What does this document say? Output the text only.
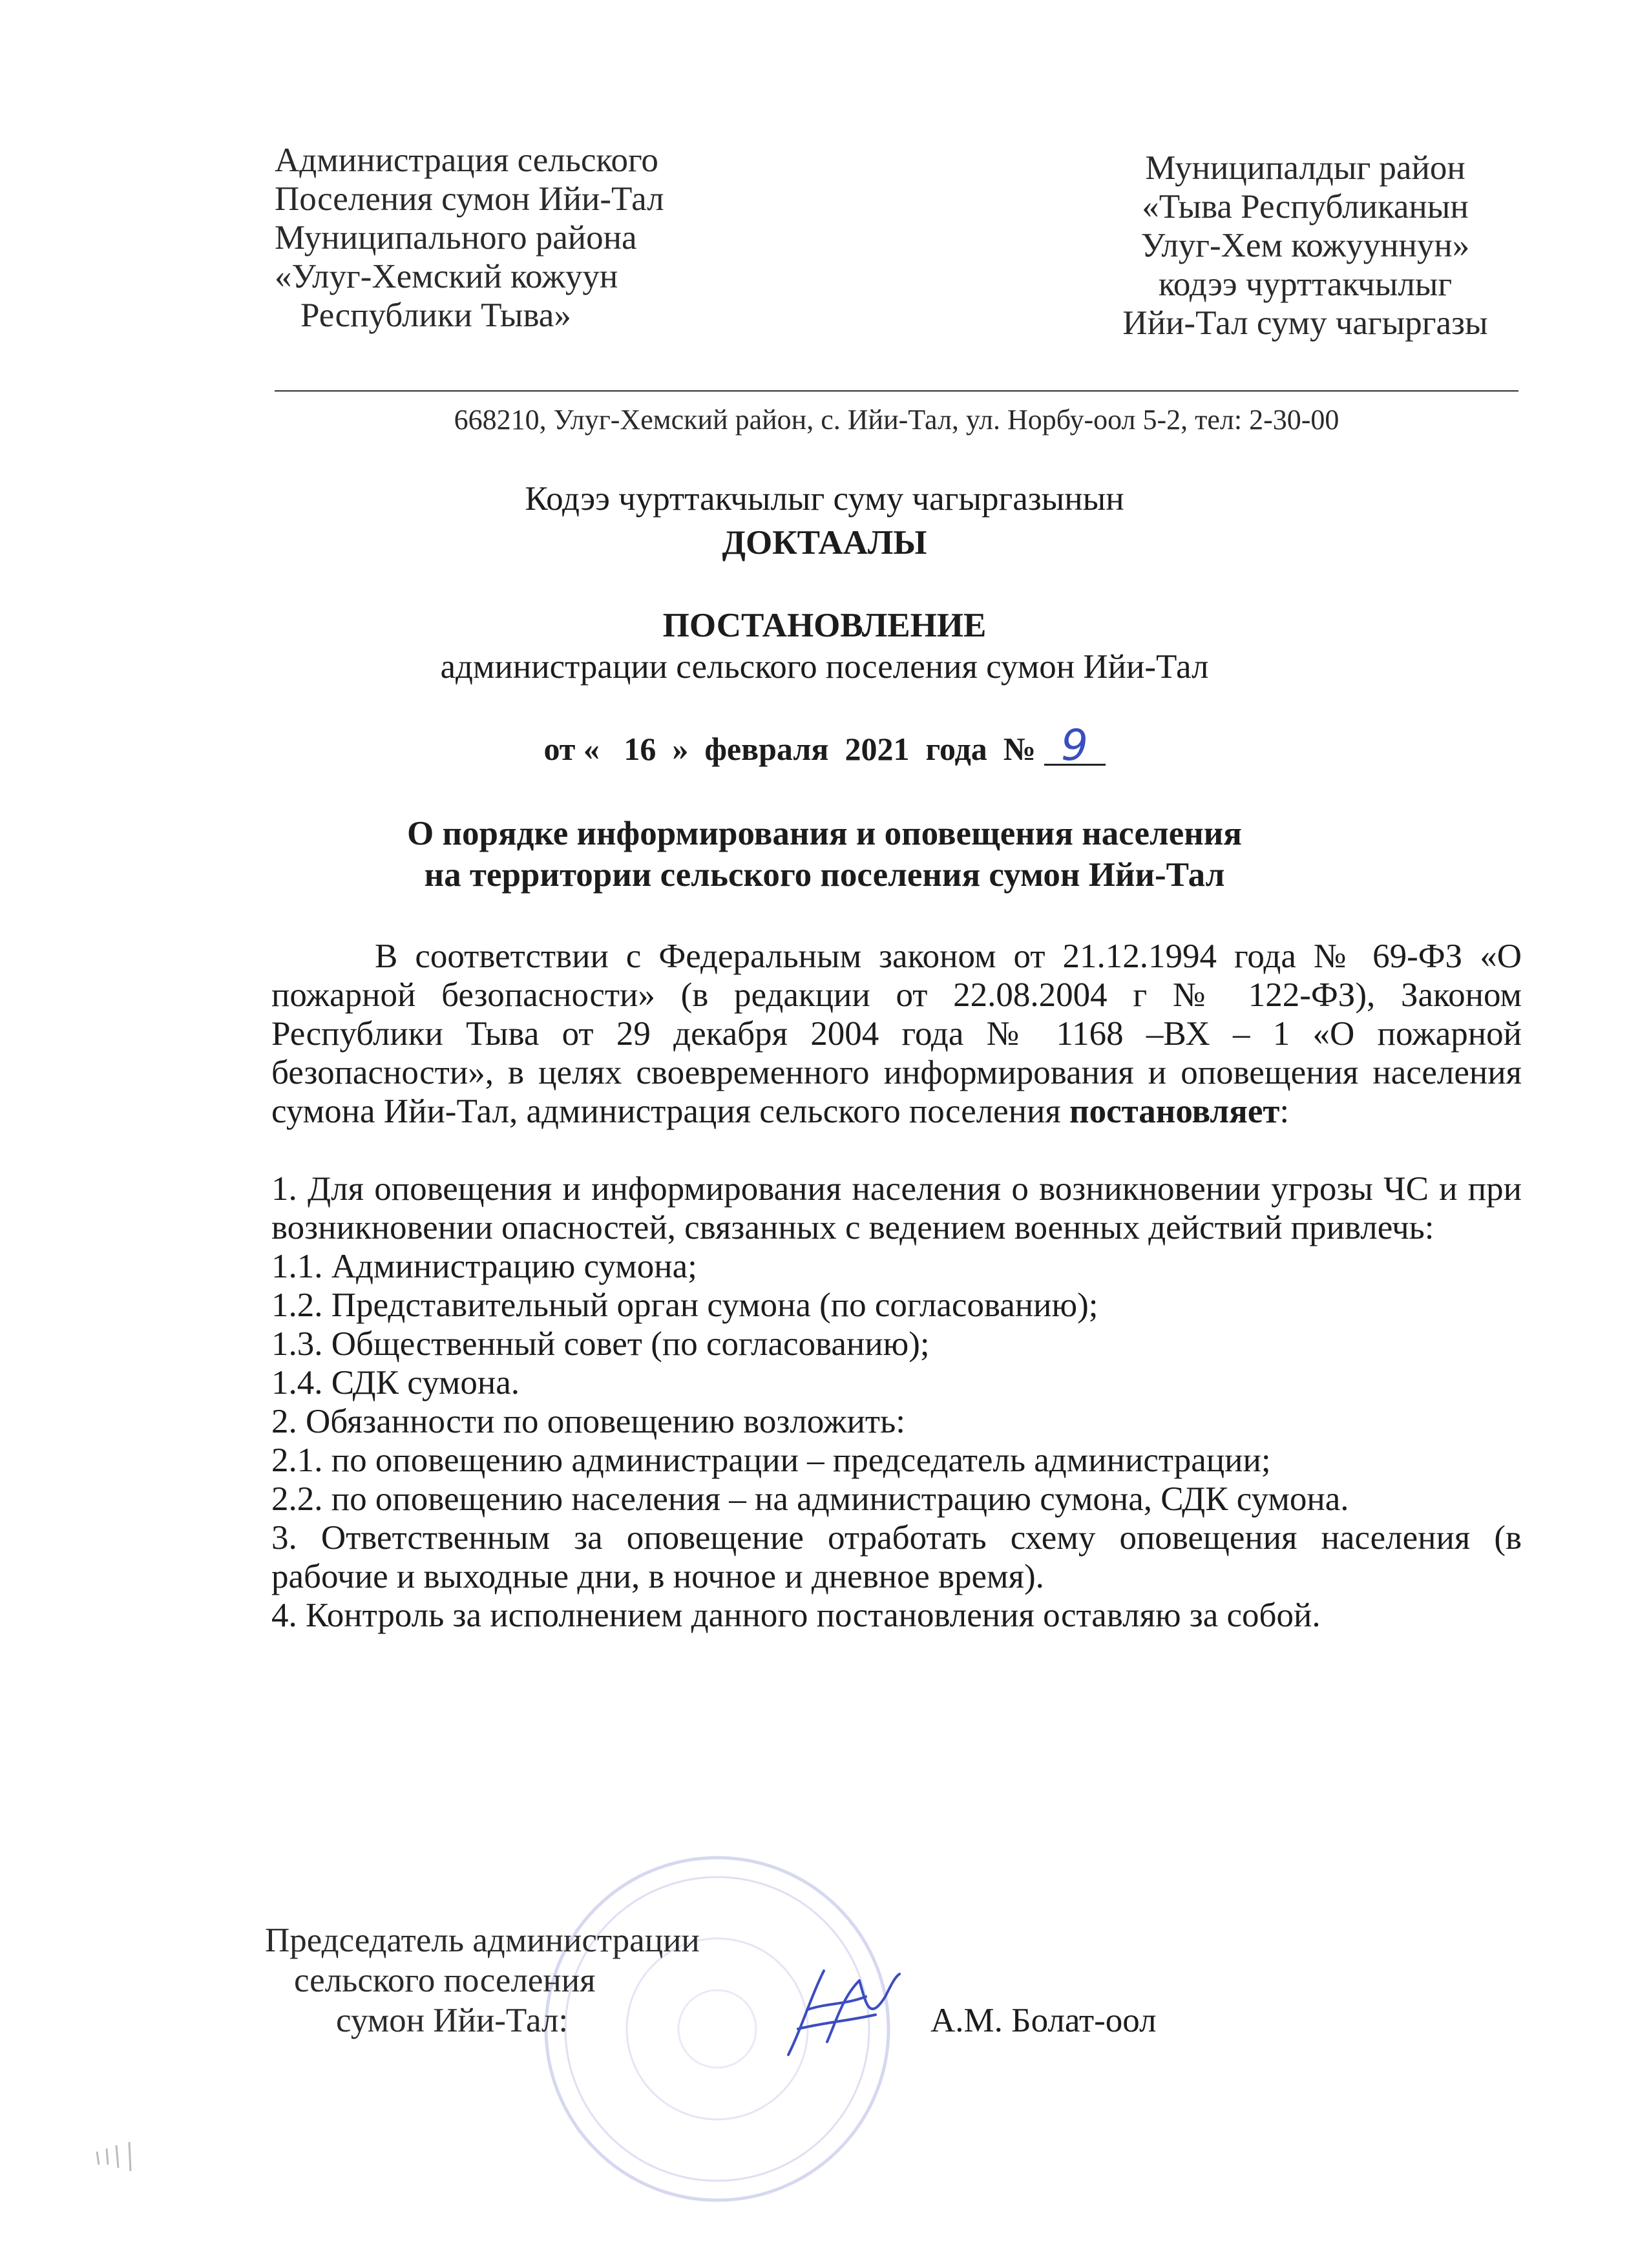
Администрация сельского
Поселения сумон Ийи-Тал
Муниципального района
«Улуг-Хемский кожуун
Республики Тыва»
Муниципалдыг район
«Тыва Республиканын
Улуг-Хем кожууннун»
кодээ чурттакчылыг
Ийи-Тал суму чагыргазы
668210, Улуг-Хемский район, с. Ийи-Тал, ул. Норбу-оол 5-2, тел: 2-30-00
Кодээ чурттакчылыг суму чагыргазынын
ДОКТААЛЫ
ПОСТАНОВЛЕНИЕ
администрации сельского поселения сумон Ийи-Тал
от «   16  »  февраля  2021  года  № 9
О порядке информирования и оповещения населения
на территории сельского поселения сумон Ийи-Тал
В соответствии с Федеральным законом от 21.12.1994 года № 69-ФЗ «О пожарной безопасности» (в редакции от 22.08.2004 г № 122-ФЗ), Законом Республики Тыва от 29 декабря 2004 года № 1168 –ВХ – 1 «О пожарной безопасности», в целях своевременного информирования и оповещения населения сумона Ийи-Тал, администрация сельского поселения постановляет:
1. Для оповещения и информирования населения о возникновении угрозы ЧС и при возникновении опасностей, связанных с ведением военных действий привлечь:
1.1. Администрацию сумона;
1.2. Представительный орган сумона (по согласованию);
1.3. Общественный совет (по согласованию);
1.4. СДК сумона.
2. Обязанности по оповещению возложить:
2.1. по оповещению администрации – председатель администрации;
2.2. по оповещению населения – на администрацию сумона, СДК сумона.
3. Ответственным за оповещение отработать схему оповещения населения (в рабочие и выходные дни, в ночное и дневное время).
4. Контроль за исполнением данного постановления оставляю за собой.
Председатель администрации
сельского поселения
сумон Ийи-Тал:	А.М. Болат-оол
